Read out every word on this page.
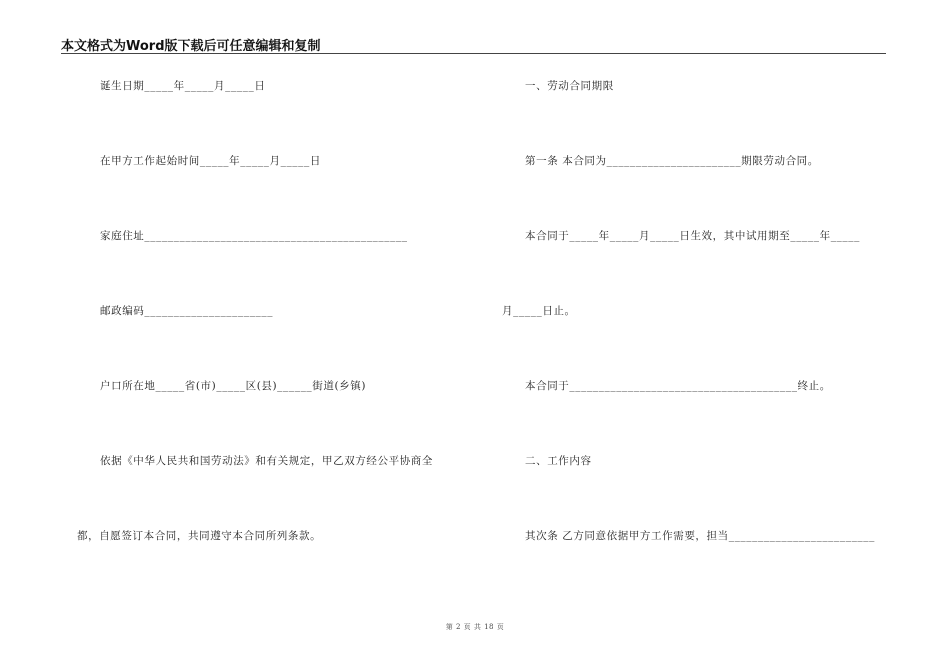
本文格式为Word版下载后可任意编辑和复制
诞生日期_____年_____月_____日
在甲方工作起始时间_____年_____月_____日
家庭住址_____________________________________________
邮政编码______________________
户口所在地_____省(市)_____区(县)______街道(乡镇)
依据《中华人民共和国劳动法》和有关规定，甲乙双方经公平协商全
都，自愿签订本合同，共同遵守本合同所列条款。
一、劳动合同期限
第一条 本合同为_______________________期限劳动合同。
本合同于_____年_____月_____日生效，其中试用期至_____年_____
月_____日止。
本合同于_______________________________________终止。
二、工作内容
其次条 乙方同意依据甲方工作需要，担当_________________________
第 2 页 共 18 页
